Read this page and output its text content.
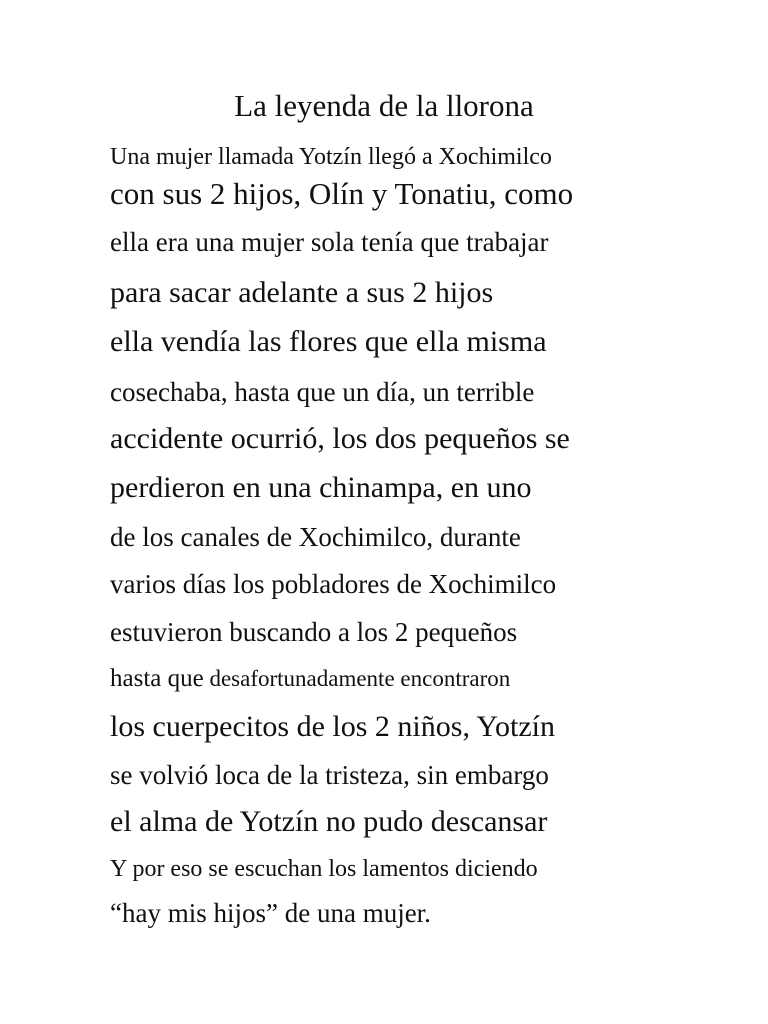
La leyenda de la llorona
Una mujer llamada Yotzín llegó a Xochimilco
con sus 2 hijos, Olín y Tonatiu, como
ella era una mujer sola tenía que trabajar
para sacar adelante a sus 2 hijos
ella vendía las flores que ella misma
cosechaba, hasta que un día, un terrible
accidente ocurrió, los dos pequeños se
perdieron en una chinampa, en uno
de los canales de Xochimilco, durante
varios días los pobladores de Xochimilco
estuvieron buscando a los 2 pequeños
hasta que desafortunadamente encontraron
los cuerpecitos de los 2 niños, Yotzín
se volvió loca de la tristeza, sin embargo
el alma de Yotzín no pudo descansar
Y por eso se escuchan los lamentos diciendo
“hay mis hijos” de una mujer.
